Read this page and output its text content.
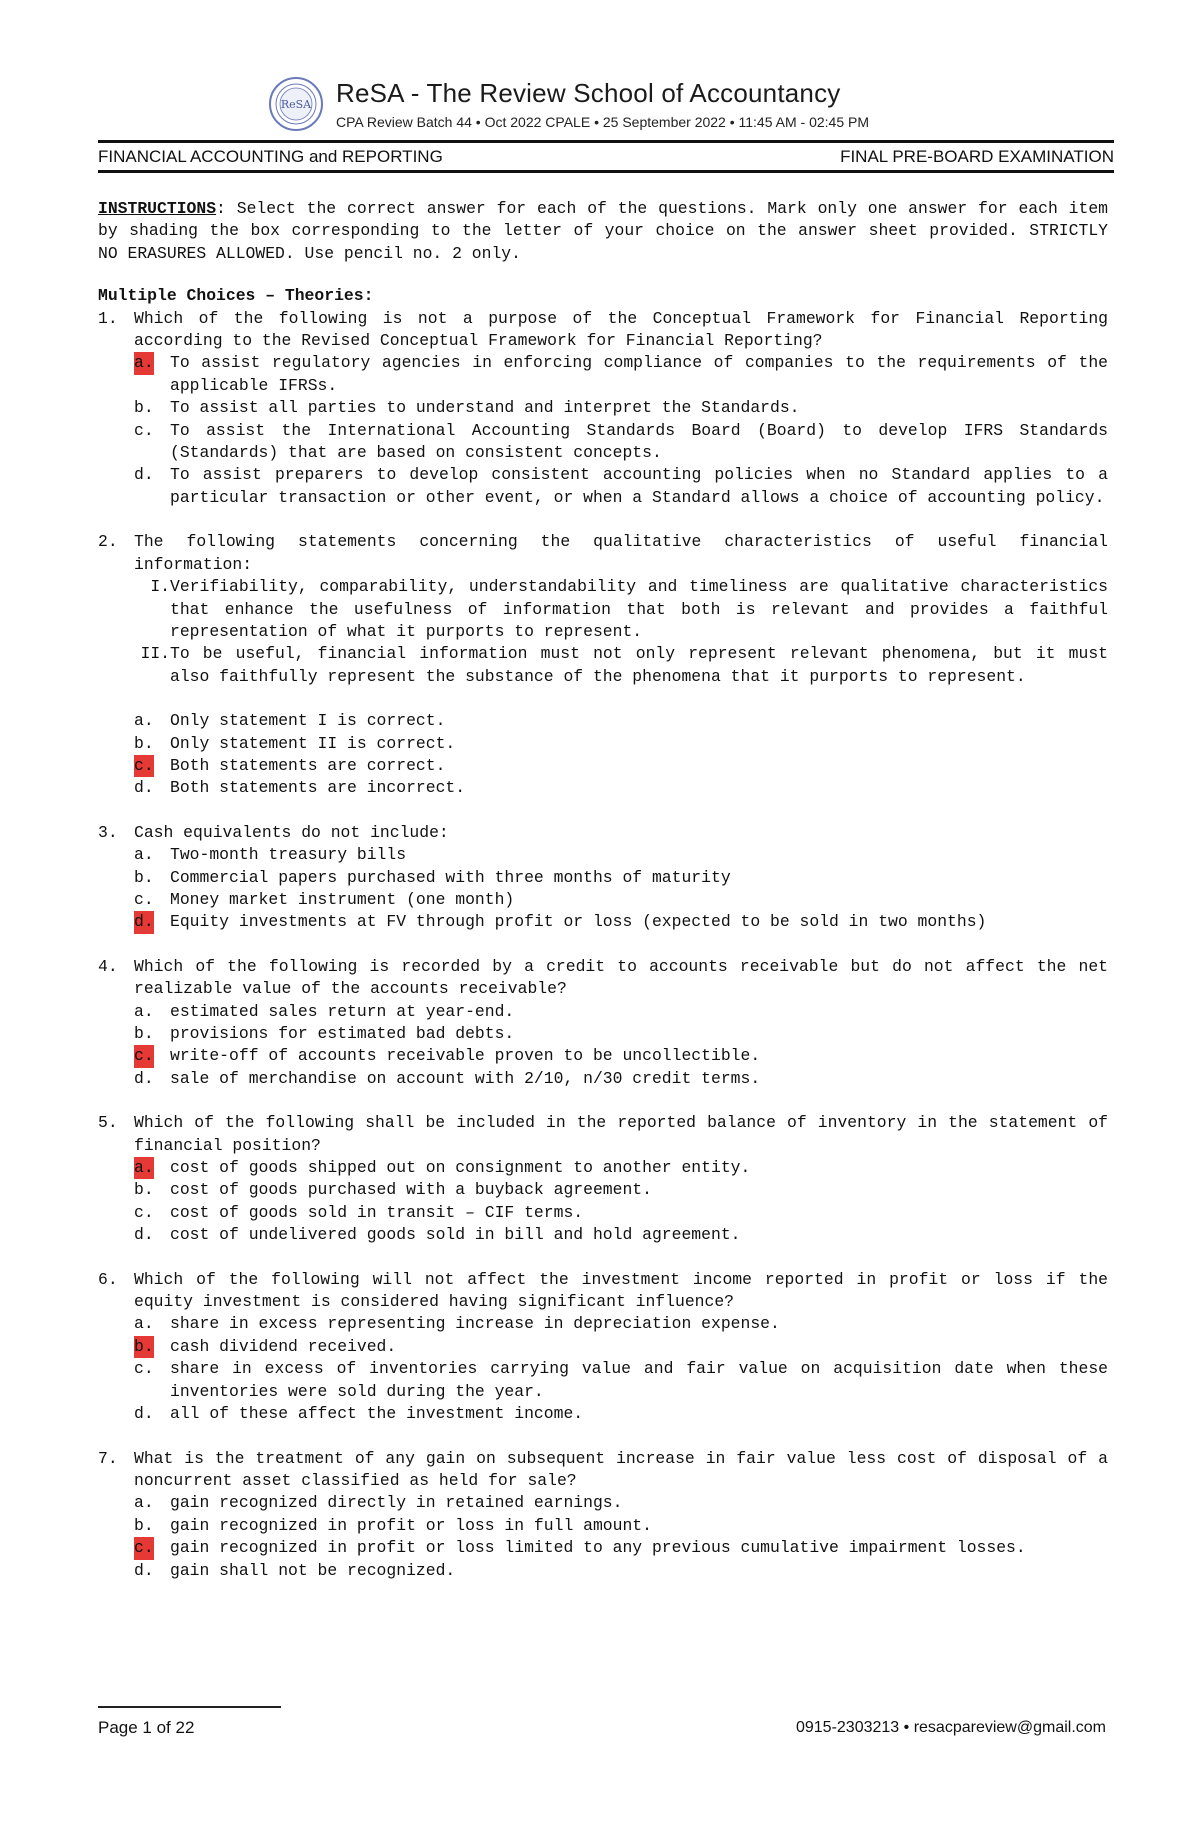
ReSA ReSA - The Review School of Accountancy
CPA Review Batch 44 • Oct 2022 CPALE • 25 September 2022 • 11:45 AM - 02:45 PM
FINANCIAL ACCOUNTING and REPORTING	FINAL PRE-BOARD EXAMINATION

INSTRUCTIONS: Select the correct answer for each of the questions. Mark only one answer for each item by shading the box corresponding to the letter of your choice on the answer sheet provided. STRICTLY NO ERASURES ALLOWED. Use pencil no. 2 only.

Multiple Choices – Theories:
1. Which of the following is not a purpose of the Conceptual Framework for Financial Reporting according to the Revised Conceptual Framework for Financial Reporting?
a. To assist regulatory agencies in enforcing compliance of companies to the requirements of the applicable IFRSs.
b. To assist all parties to understand and interpret the Standards.
c. To assist the International Accounting Standards Board (Board) to develop IFRS Standards (Standards) that are based on consistent concepts.
d. To assist preparers to develop consistent accounting policies when no Standard applies to a particular transaction or other event, or when a Standard allows a choice of accounting policy.
2. The following statements concerning the qualitative characteristics of useful financial information:
I. Verifiability, comparability, understandability and timeliness are qualitative characteristics that enhance the usefulness of information that both is relevant and provides a faithful representation of what it purports to represent.
II. To be useful, financial information must not only represent relevant phenomena, but it must also faithfully represent the substance of the phenomena that it purports to represent.
a. Only statement I is correct.
b. Only statement II is correct.
c. Both statements are correct.
d. Both statements are incorrect.
3. Cash equivalents do not include:
a. Two-month treasury bills
b. Commercial papers purchased with three months of maturity
c. Money market instrument (one month)
d. Equity investments at FV through profit or loss (expected to be sold in two months)
4. Which of the following is recorded by a credit to accounts receivable but do not affect the net realizable value of the accounts receivable?
a. estimated sales return at year-end.
b. provisions for estimated bad debts.
c. write-off of accounts receivable proven to be uncollectible.
d. sale of merchandise on account with 2/10, n/30 credit terms.
5. Which of the following shall be included in the reported balance of inventory in the statement of financial position?
a. cost of goods shipped out on consignment to another entity.
b. cost of goods purchased with a buyback agreement.
c. cost of goods sold in transit – CIF terms.
d. cost of undelivered goods sold in bill and hold agreement.
6. Which of the following will not affect the investment income reported in profit or loss if the equity investment is considered having significant influence?
a. share in excess representing increase in depreciation expense.
b. cash dividend received.
c. share in excess of inventories carrying value and fair value on acquisition date when these inventories were sold during the year.
d. all of these affect the investment income.
7. What is the treatment of any gain on subsequent increase in fair value less cost of disposal of a noncurrent asset classified as held for sale?
a. gain recognized directly in retained earnings.
b. gain recognized in profit or loss in full amount.
c. gain recognized in profit or loss limited to any previous cumulative impairment losses.
d. gain shall not be recognized.
Page 1 of 22	0915-2303213 • resacpareview@gmail.com
